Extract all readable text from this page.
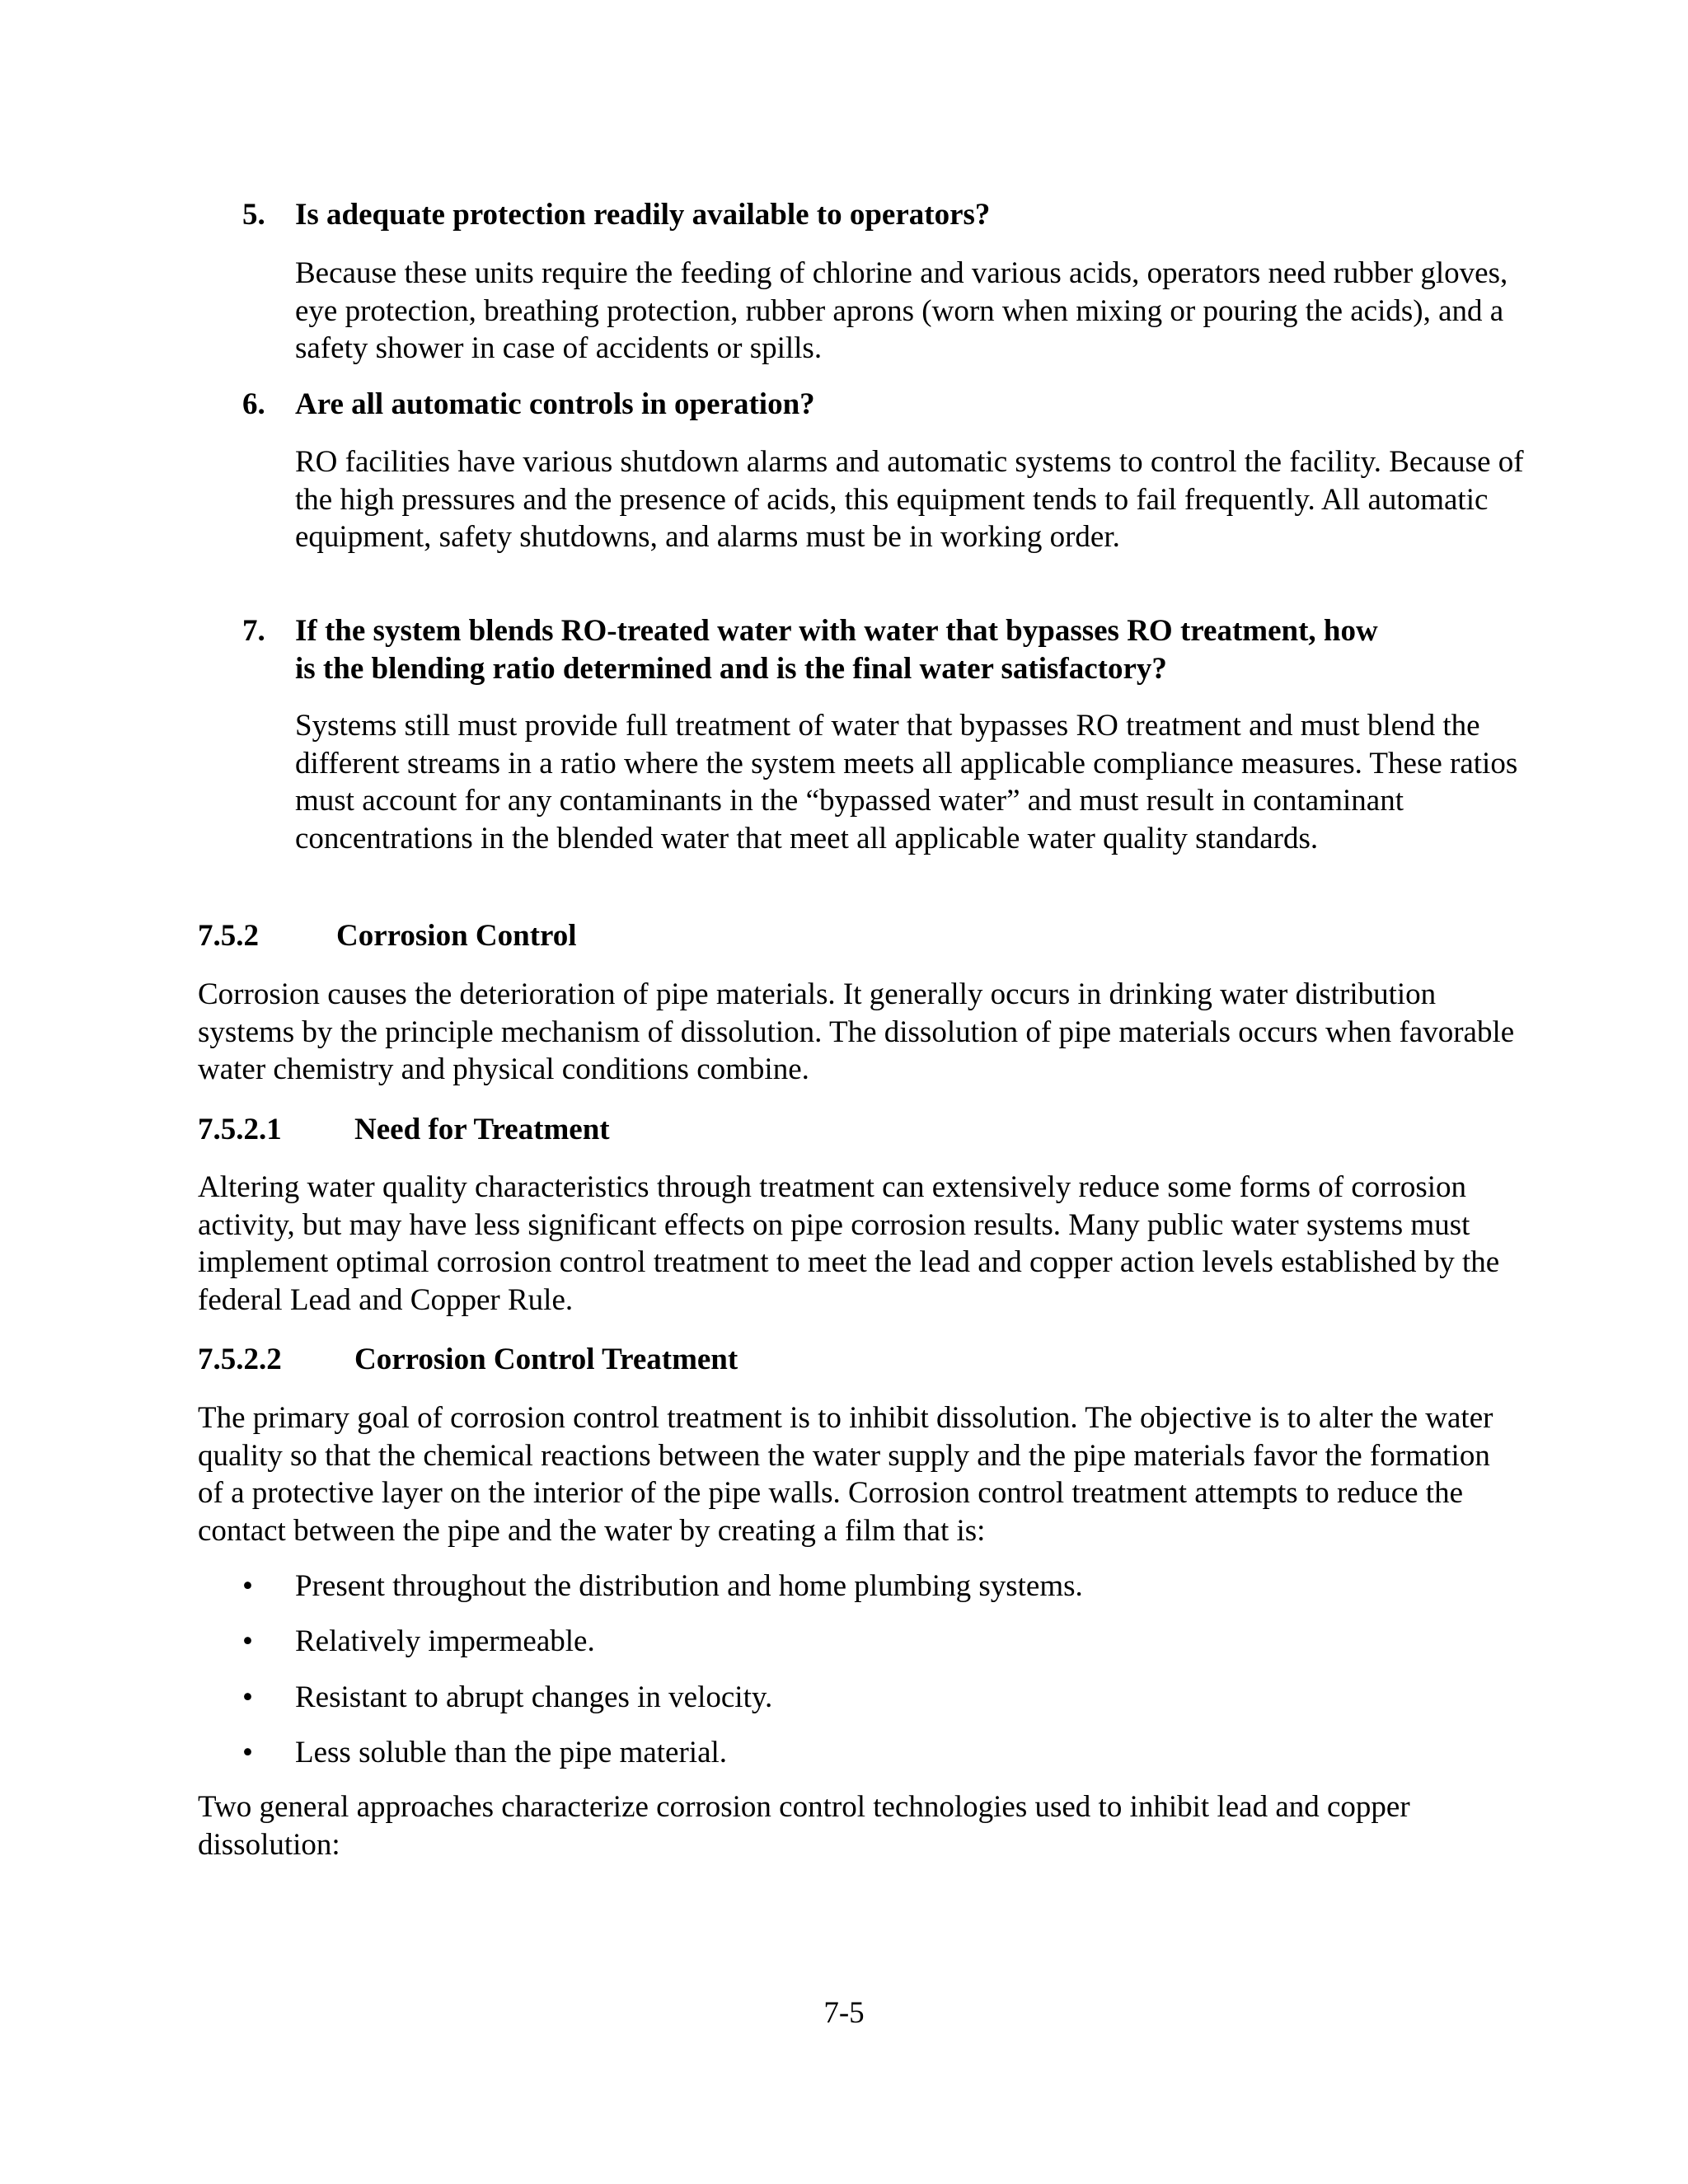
5. Is adequate protection readily available to operators?
Because these units require the feeding of chlorine and various acids, operators need rubber gloves, eye protection, breathing protection, rubber aprons (worn when mixing or pouring the acids), and a safety shower in case of accidents or spills.
6. Are all automatic controls in operation?
RO facilities have various shutdown alarms and automatic systems to control the facility. Because of the high pressures and the presence of acids, this equipment tends to fail frequently. All automatic equipment, safety shutdowns, and alarms must be in working order.
7. If the system blends RO-treated water with water that bypasses RO treatment, how
is the blending ratio determined and is the final water satisfactory?
Systems still must provide full treatment of water that bypasses RO treatment and must blend the different streams in a ratio where the system meets all applicable compliance measures. These ratios must account for any contaminants in the “bypassed water” and must result in contaminant concentrations in the blended water that meet all applicable water quality standards.
7.5.2	Corrosion Control
Corrosion causes the deterioration of pipe materials. It generally occurs in drinking water distribution systems by the principle mechanism of dissolution. The dissolution of pipe materials occurs when favorable water chemistry and physical conditions combine.
7.5.2.1 Need for Treatment
Altering water quality characteristics through treatment can extensively reduce some forms of corrosion activity, but may have less significant effects on pipe corrosion results. Many public water systems must implement optimal corrosion control treatment to meet the lead and copper action levels established by the federal Lead and Copper Rule.
7.5.2.2 Corrosion Control Treatment
The primary goal of corrosion control treatment is to inhibit dissolution. The objective is to alter the water quality so that the chemical reactions between the water supply and the pipe materials favor the formation of a protective layer on the interior of the pipe walls. Corrosion control treatment attempts to reduce the contact between the pipe and the water by creating a film that is:
• Present throughout the distribution and home plumbing systems.
• Relatively impermeable.
• Resistant to abrupt changes in velocity.
• Less soluble than the pipe material.
Two general approaches characterize corrosion control technologies used to inhibit lead and copper dissolution:
7-5
